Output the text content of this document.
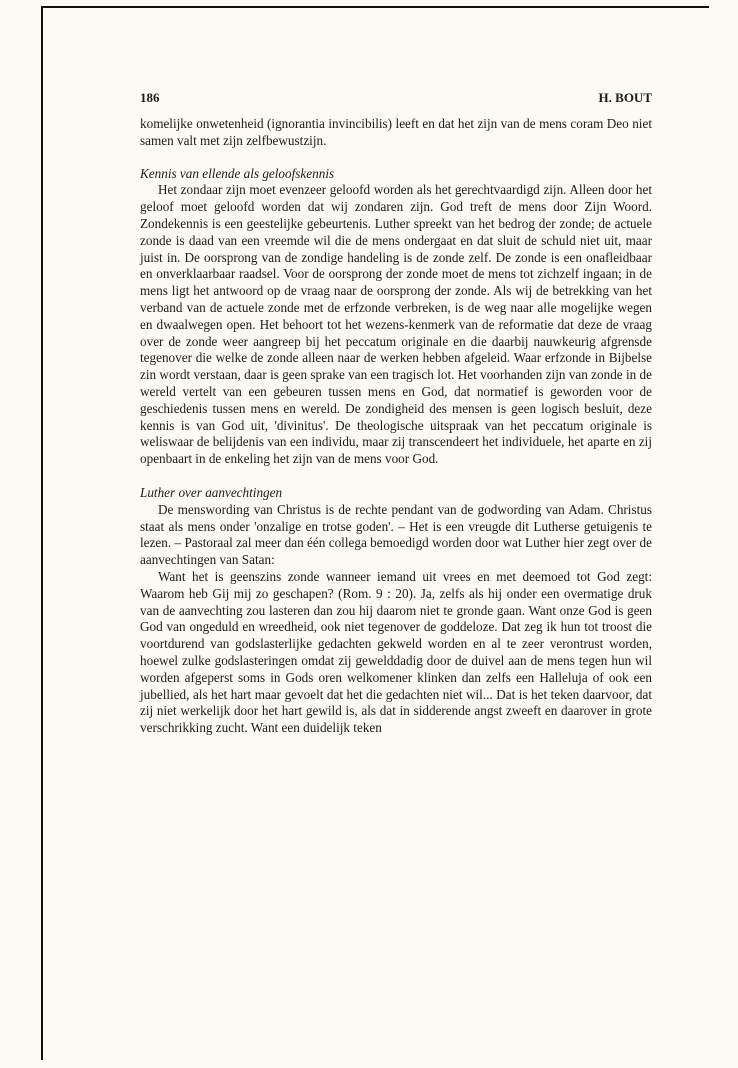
186	H. BOUT

komelijke onwetenheid (ignorantia invincibilis) leeft en dat het zijn van de mens coram Deo niet samen valt met zijn zelfbewustzijn.

Kennis van ellende als geloofskennis

Het zondaar zijn moet evenzeer geloofd worden als het gerechtvaardigd zijn. Alleen door het geloof moet geloofd worden dat wij zondaren zijn. God treft de mens door Zijn Woord. Zondekennis is een geestelijke gebeurtenis. Luther spreekt van het bedrog der zonde; de actuele zonde is daad van een vreemde wil die de mens ondergaat en dat sluit de schuld niet uit, maar juist in. De oorsprong van de zondige handeling is de zonde zelf. De zonde is een onafleidbaar en onverklaarbaar raadsel. Voor de oorsprong der zonde moet de mens tot zichzelf ingaan; in de mens ligt het antwoord op de vraag naar de oorsprong der zonde. Als wij de betrekking van het verband van de actuele zonde met de erfzonde verbreken, is de weg naar alle mogelijke wegen en dwaalwegen open. Het behoort tot het wezens-kenmerk van de reformatie dat deze de vraag over de zonde weer aangreep bij het peccatum originale en die daarbij nauwkeurig afgrensde tegenover die welke de zonde alleen naar de werken hebben afgeleid. Waar erfzonde in Bijbelse zin wordt verstaan, daar is geen sprake van een tragisch lot. Het voorhanden zijn van zonde in de wereld vertelt van een gebeuren tussen mens en God, dat normatief is geworden voor de geschiedenis tussen mens en wereld. De zondigheid des mensen is geen logisch besluit, deze kennis is van God uit, 'divinitus'. De theologische uitspraak van het peccatum originale is weliswaar de belijdenis van een individu, maar zij transcendeert het individuele, het aparte en zij openbaart in de enkeling het zijn van de mens voor God.

Luther over aanvechtingen

De menswording van Christus is de rechte pendant van de godwording van Adam. Christus staat als mens onder 'onzalige en trotse goden'. – Het is een vreugde dit Lutherse getuigenis te lezen. – Pastoraal zal meer dan één collega bemoedigd worden door wat Luther hier zegt over de aanvechtingen van Satan:

Want het is geenszins zonde wanneer iemand uit vrees en met deemoed tot God zegt: Waarom heb Gij mij zo geschapen? (Rom. 9 : 20). Ja, zelfs als hij onder een overmatige druk van de aanvechting zou lasteren dan zou hij daarom niet te gronde gaan. Want onze God is geen God van ongeduld en wreedheid, ook niet tegenover de goddeloze. Dat zeg ik hun tot troost die voortdurend van godslasterlijke gedachten gekweld worden en al te zeer verontrust worden, hoewel zulke godslasteringen omdat zij gewelddadig door de duivel aan de mens tegen hun wil worden afgeperst soms in Gods oren welkomener klinken dan zelfs een Halleluja of ook een jubellied, als het hart maar gevoelt dat het die gedachten niet wil... Dat is het teken daarvoor, dat zij niet werkelijk door het hart gewild is, als dat in sidderende angst zweeft en daarover in grote verschrikking zucht. Want een duidelijk teken
